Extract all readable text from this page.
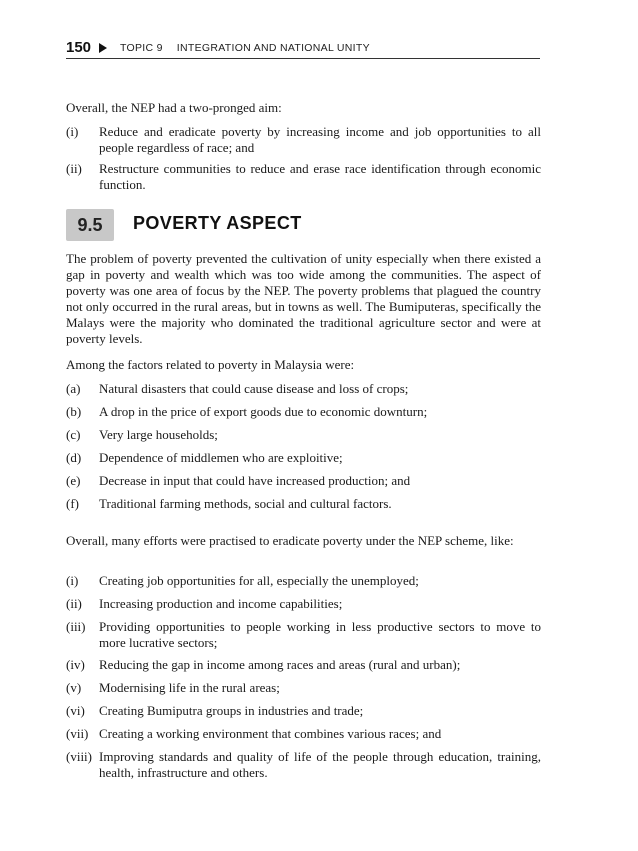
150	TOPIC 9 INTEGRATION AND NATIONAL UNITY
Overall, the NEP had a two-pronged aim:
(i)	Reduce and eradicate poverty by increasing income and job opportunities to all people regardless of race; and
(ii)	Restructure communities to reduce and erase race identification through economic function.
9.5	POVERTY ASPECT
The problem of poverty prevented the cultivation of unity especially when there existed a gap in poverty and wealth which was too wide among the communities. The aspect of poverty was one area of focus by the NEP. The poverty problems that plagued the country not only occurred in the rural areas, but in towns as well. The Bumiputeras, specifically the Malays were the majority who dominated the traditional agriculture sector and were at poverty levels.
Among the factors related to poverty in Malaysia were:
(a)	Natural disasters that could cause disease and loss of crops;
(b)	A drop in the price of export goods due to economic downturn;
(c)	Very large households;
(d)	Dependence of middlemen who are exploitive;
(e)	Decrease in input that could have increased production; and
(f)	Traditional farming methods, social and cultural factors.
Overall, many efforts were practised to eradicate poverty under the NEP scheme, like:
(i)	Creating job opportunities for all, especially the unemployed;
(ii)	Increasing production and income capabilities;
(iii)	Providing opportunities to people working in less productive sectors to move to more lucrative sectors;
(iv)	Reducing the gap in income among races and areas (rural and urban);
(v)	Modernising life in the rural areas;
(vi)	Creating Bumiputra groups in industries and trade;
(vii) Creating a working environment that combines various races; and
(viii) Improving standards and quality of life of the people through education, training, health, infrastructure and others.
